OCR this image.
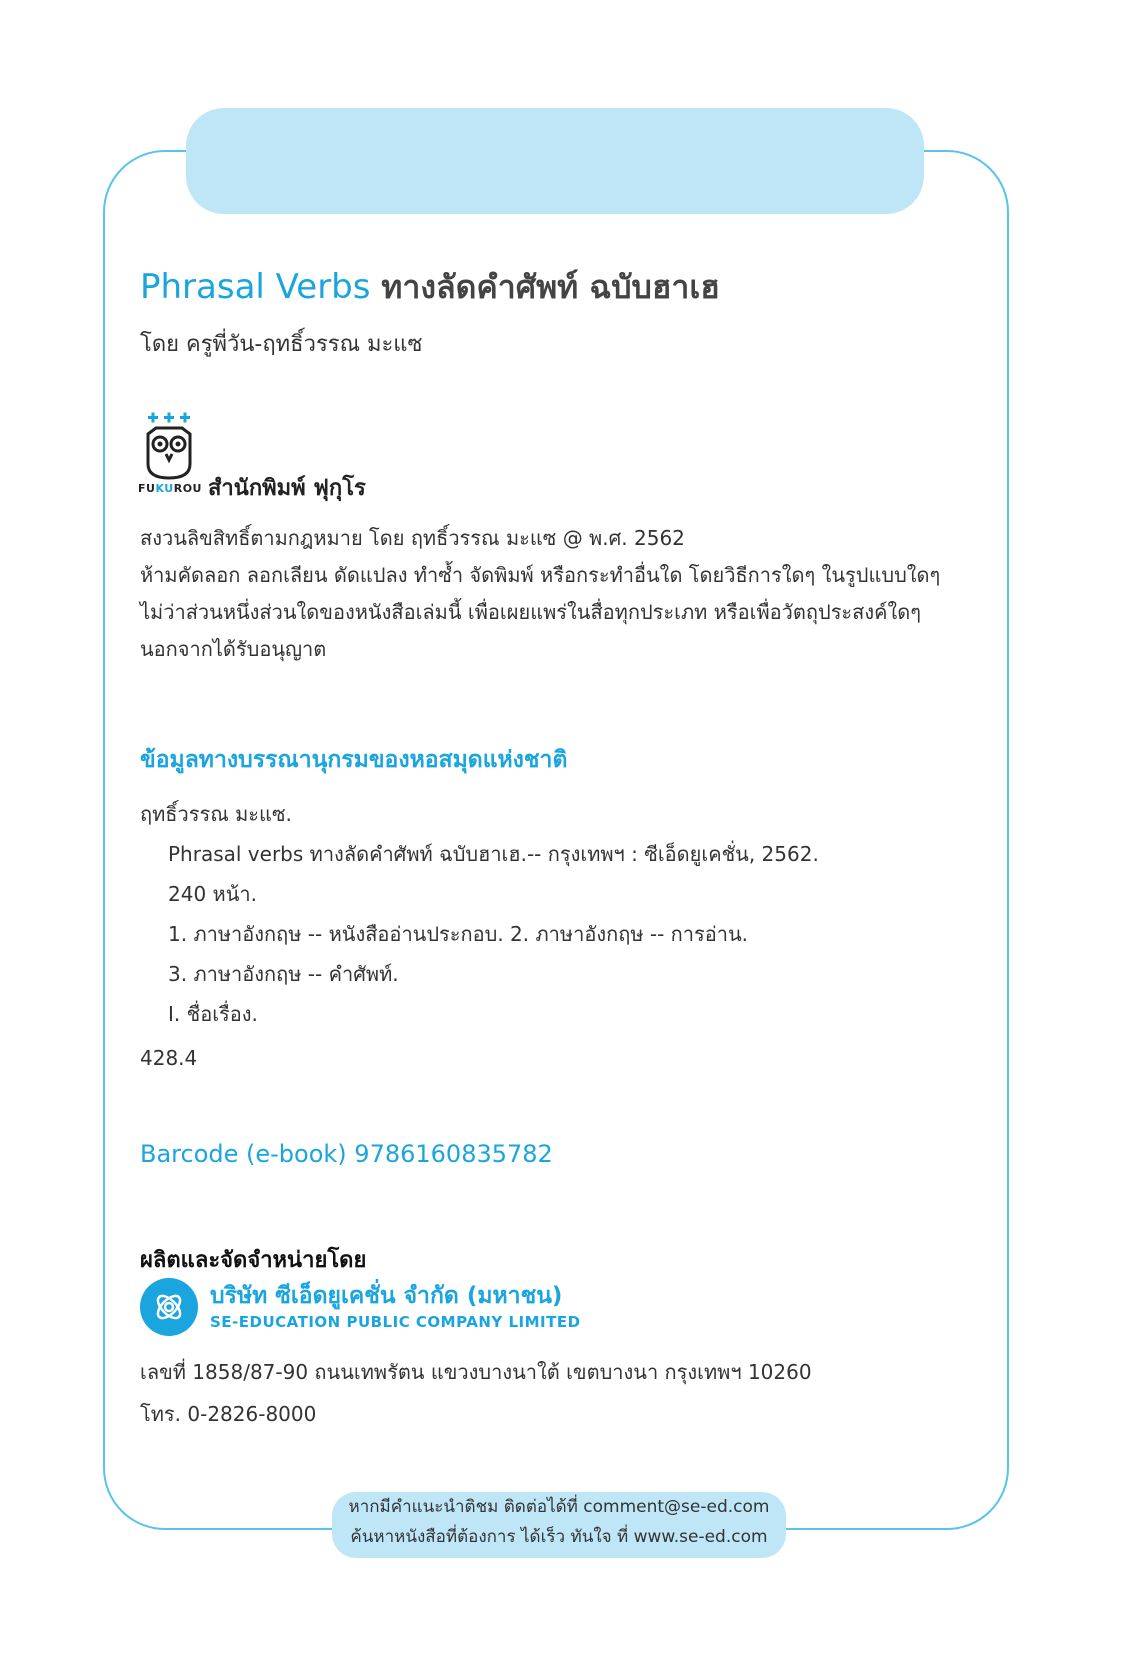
Phrasal Verbs ทางลัดคำศัพท์ ฉบับฮาเฮ
โดย ครูพี่วัน-ฤทธิ์วรรณ มะแซ
FUKUROU สำนักพิมพ์ ฟุกุโร
สงวนลิขสิทธิ์ตามกฎหมาย โดย ฤทธิ์วรรณ มะแซ @ พ.ศ. 2562
ห้ามคัดลอก ลอกเลียน ดัดแปลง ทำซ้ำ จัดพิมพ์ หรือกระทำอื่นใด โดยวิธีการใดๆ ในรูปแบบใดๆ
ไม่ว่าส่วนหนึ่งส่วนใดของหนังสือเล่มนี้ เพื่อเผยแพร่ในสื่อทุกประเภท หรือเพื่อวัตถุประสงค์ใดๆ
นอกจากได้รับอนุญาต
ข้อมูลทางบรรณานุกรมของหอสมุดแห่งชาติ
ฤทธิ์วรรณ มะแซ.
Phrasal verbs ทางลัดคำศัพท์ ฉบับฮาเฮ.-- กรุงเทพฯ : ซีเอ็ดยูเคชั่น, 2562.
240 หน้า.
1. ภาษาอังกฤษ -- หนังสืออ่านประกอบ. 2. ภาษาอังกฤษ -- การอ่าน.
3. ภาษาอังกฤษ -- คำศัพท์.
I. ชื่อเรื่อง.
428.4
Barcode (e-book) 9786160835782
ผลิตและจัดจำหน่ายโดย
บริษัท ซีเอ็ดยูเคชั่น จำกัด (มหาชน)
SE-EDUCATION PUBLIC COMPANY LIMITED
เลขที่ 1858/87-90 ถนนเทพรัตน แขวงบางนาใต้ เขตบางนา กรุงเทพฯ 10260
โทร. 0-2826-8000
หากมีคำแนะนำติชม ติดต่อได้ที่ comment@se-ed.com
ค้นหาหนังสือที่ต้องการ ได้เร็ว ทันใจ ที่ www.se-ed.com
